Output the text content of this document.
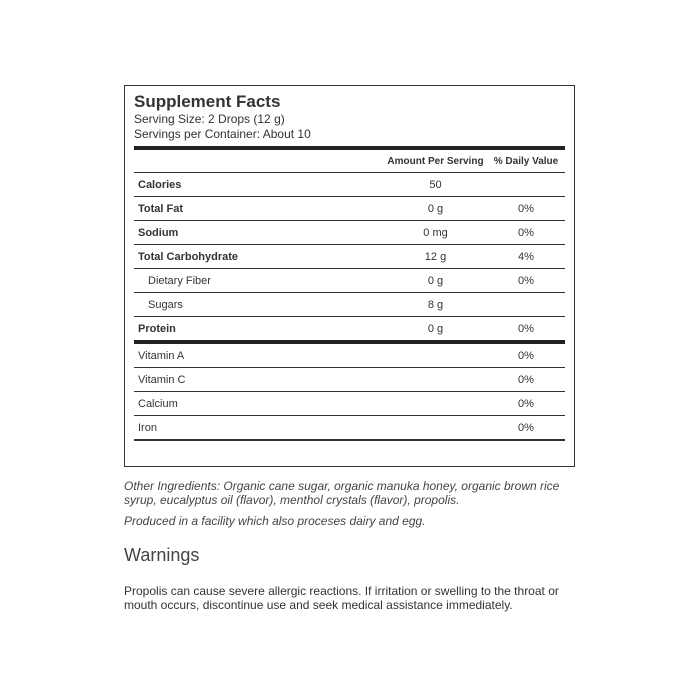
Supplement Facts
Serving Size: 2 Drops (12 g)
Servings per Container: About 10
	Amount Per Serving	% Daily Value
Calories	50	
Total Fat	0 g	0%
Sodium	0 mg	0%
Total Carbohydrate	12 g	4%
Dietary Fiber	0 g	0%
Sugars	8 g	
Protein	0 g	0%
Vitamin A		0%
Vitamin C		0%
Calcium		0%
Iron		0%
Other Ingredients: Organic cane sugar, organic manuka honey, organic brown rice syrup, eucalyptus oil (flavor), menthol crystals (flavor), propolis.
Produced in a facility which also proceses dairy and egg.
Warnings
Propolis can cause severe allergic reactions. If irritation or swelling to the throat or mouth occurs, discontinue use and seek medical assistance immediately.
